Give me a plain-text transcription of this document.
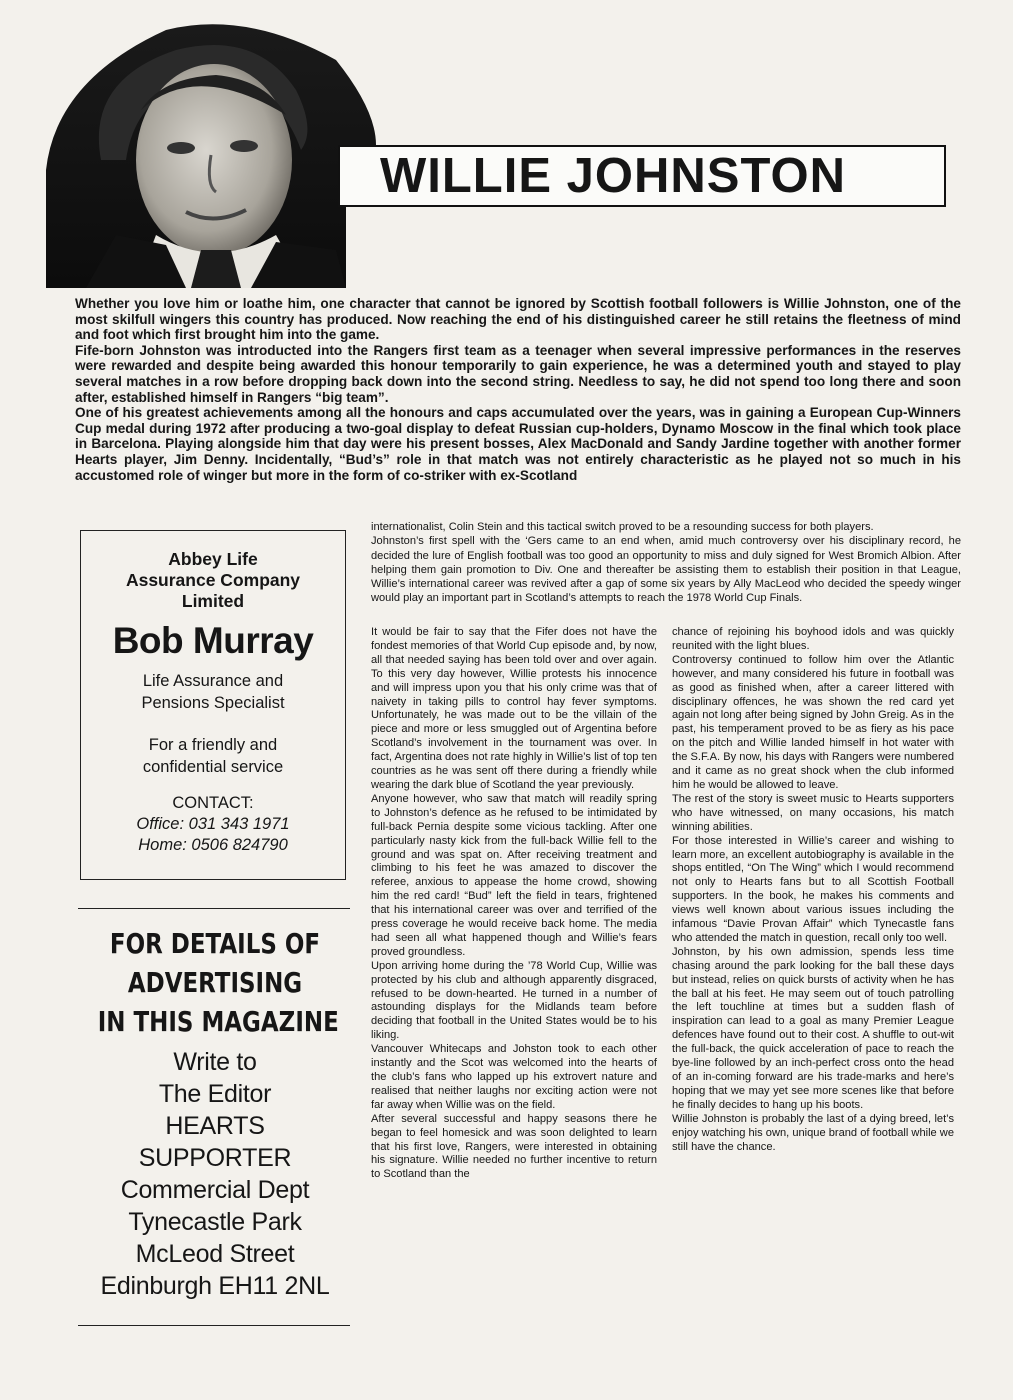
WILLIE JOHNSTON

Whether you love him or loathe him, one character that cannot be ignored by Scottish football followers is Willie Johnston, one of the most skilfull wingers this country has produced. Now reaching the end of his distinguished career he still retains the fleetness of mind and foot which first brought him into the game.

Fife-born Johnston was introducted into the Rangers first team as a teenager when several impressive performances in the reserves were rewarded and despite being awarded this honour temporarily to gain experience, he was a determined youth and stayed to play several matches in a row before dropping back down into the second string. Needless to say, he did not spend too long there and soon after, established himself in Rangers “big team”.

One of his greatest achievements among all the honours and caps accumulated over the years, was in gaining a European Cup-Winners Cup medal during 1972 after producing a two-goal display to defeat Russian cup-holders, Dynamo Moscow in the final which took place in Barcelona. Playing alongside him that day were his present bosses, Alex MacDonald and Sandy Jardine together with another former Hearts player, Jim Denny. Incidentally, “Bud’s” role in that match was not entirely characteristic as he played not so much in his accustomed role of winger but more in the form of co-striker with ex-Scotland

internationalist, Colin Stein and this tactical switch proved to be a resounding success for both players.

Johnston’s first spell with the ‘Gers came to an end when, amid much controversy over his disciplinary record, he decided the lure of English football was too good an opportunity to miss and duly signed for West Bromich Albion. After helping them gain promotion to Div. One and thereafter be assisting them to establish their position in that League, Willie’s international career was revived after a gap of some six years by Ally MacLeod who decided the speedy winger would play an important part in Scotland’s attempts to reach the 1978 World Cup Finals.

It would be fair to say that the Fifer does not have the fondest memories of that World Cup episode and, by now, all that needed saying has been told over and over again. To this very day however, Willie protests his innocence and will impress upon you that his only crime was that of naivety in taking pills to control hay fever symptoms. Unfortunately, he was made out to be the villain of the piece and more or less smuggled out of Argentina before Scotland’s involvement in the tournament was over. In fact, Argentina does not rate highly in Willie’s list of top ten countries as he was sent off there during a friendly while wearing the dark blue of Scotland the year previously.

Anyone however, who saw that match will readily spring to Johnston’s defence as he refused to be intimidated by full-back Pernia despite some vicious tackling. After one particularly nasty kick from the full-back Willie fell to the ground and was spat on. After receiving treatment and climbing to his feet he was amazed to discover the referee, anxious to appease the home crowd, showing him the red card! “Bud” left the field in tears, frightened that his international career was over and terrified of the press coverage he would receive back home. The media had seen all what happened though and Willie’s fears proved groundless.

Upon arriving home during the ’78 World Cup, Willie was protected by his club and although apparently disgraced, refused to be down-hearted. He turned in a number of astounding displays for the Midlands team before deciding that football in the United States would be to his liking.

Vancouver Whitecaps and Johston took to each other instantly and the Scot was welcomed into the hearts of the club’s fans who lapped up his extrovert nature and realised that neither laughs nor exciting action were not far away when Willie was on the field.

After several successful and happy seasons there he began to feel homesick and was soon delighted to learn that his first love, Rangers, were interested in obtaining his signature. Willie needed no further incentive to return to Scotland than the

chance of rejoining his boyhood idols and was quickly reunited with the light blues.

Controversy continued to follow him over the Atlantic however, and many considered his future in football was as good as finished when, after a career littered with disciplinary offences, he was shown the red card yet again not long after being signed by John Greig. As in the past, his temperament proved to be as fiery as his pace on the pitch and Willie landed himself in hot water with the S.F.A. By now, his days with Rangers were numbered and it came as no great shock when the club informed him he would be allowed to leave.

The rest of the story is sweet music to Hearts supporters who have witnessed, on many occasions, his match winning abilities.

For those interested in Willie’s career and wishing to learn more, an excellent autobiography is available in the shops entitled, “On The Wing” which I would recommend not only to Hearts fans but to all Scottish Football supporters. In the book, he makes his comments and views well known about various issues including the infamous “Davie Provan Affair” which Tynecastle fans who attended the match in question, recall only too well.

Johnston, by his own admission, spends less time chasing around the park looking for the ball these days but instead, relies on quick bursts of activity when he has the ball at his feet. He may seem out of touch patrolling the left touchline at times but a sudden flash of inspiration can lead to a goal as many Premier League defences have found out to their cost. A shuffle to out-wit the full-back, the quick acceleration of pace to reach the bye-line followed by an inch-perfect cross onto the head of an in-coming forward are his trade-marks and here’s hoping that we may yet see more scenes like that before he finally decides to hang up his boots.

Willie Johnston is probably the last of a dying breed, let’s enjoy watching his own, unique brand of football while we still have the chance.

Abbey Life
Assurance Company
Limited
Bob Murray
Life Assurance and
Pensions Specialist
For a friendly and
confidential service
CONTACT:
Office: 031 343 1971
Home: 0506 824790
FOR DETAILS OF
ADVERTISING
IN THIS MAGAZINE
Write to
The Editor
HEARTS
SUPPORTER
Commercial Dept
Tynecastle Park
McLeod Street
Edinburgh EH11 2NL
